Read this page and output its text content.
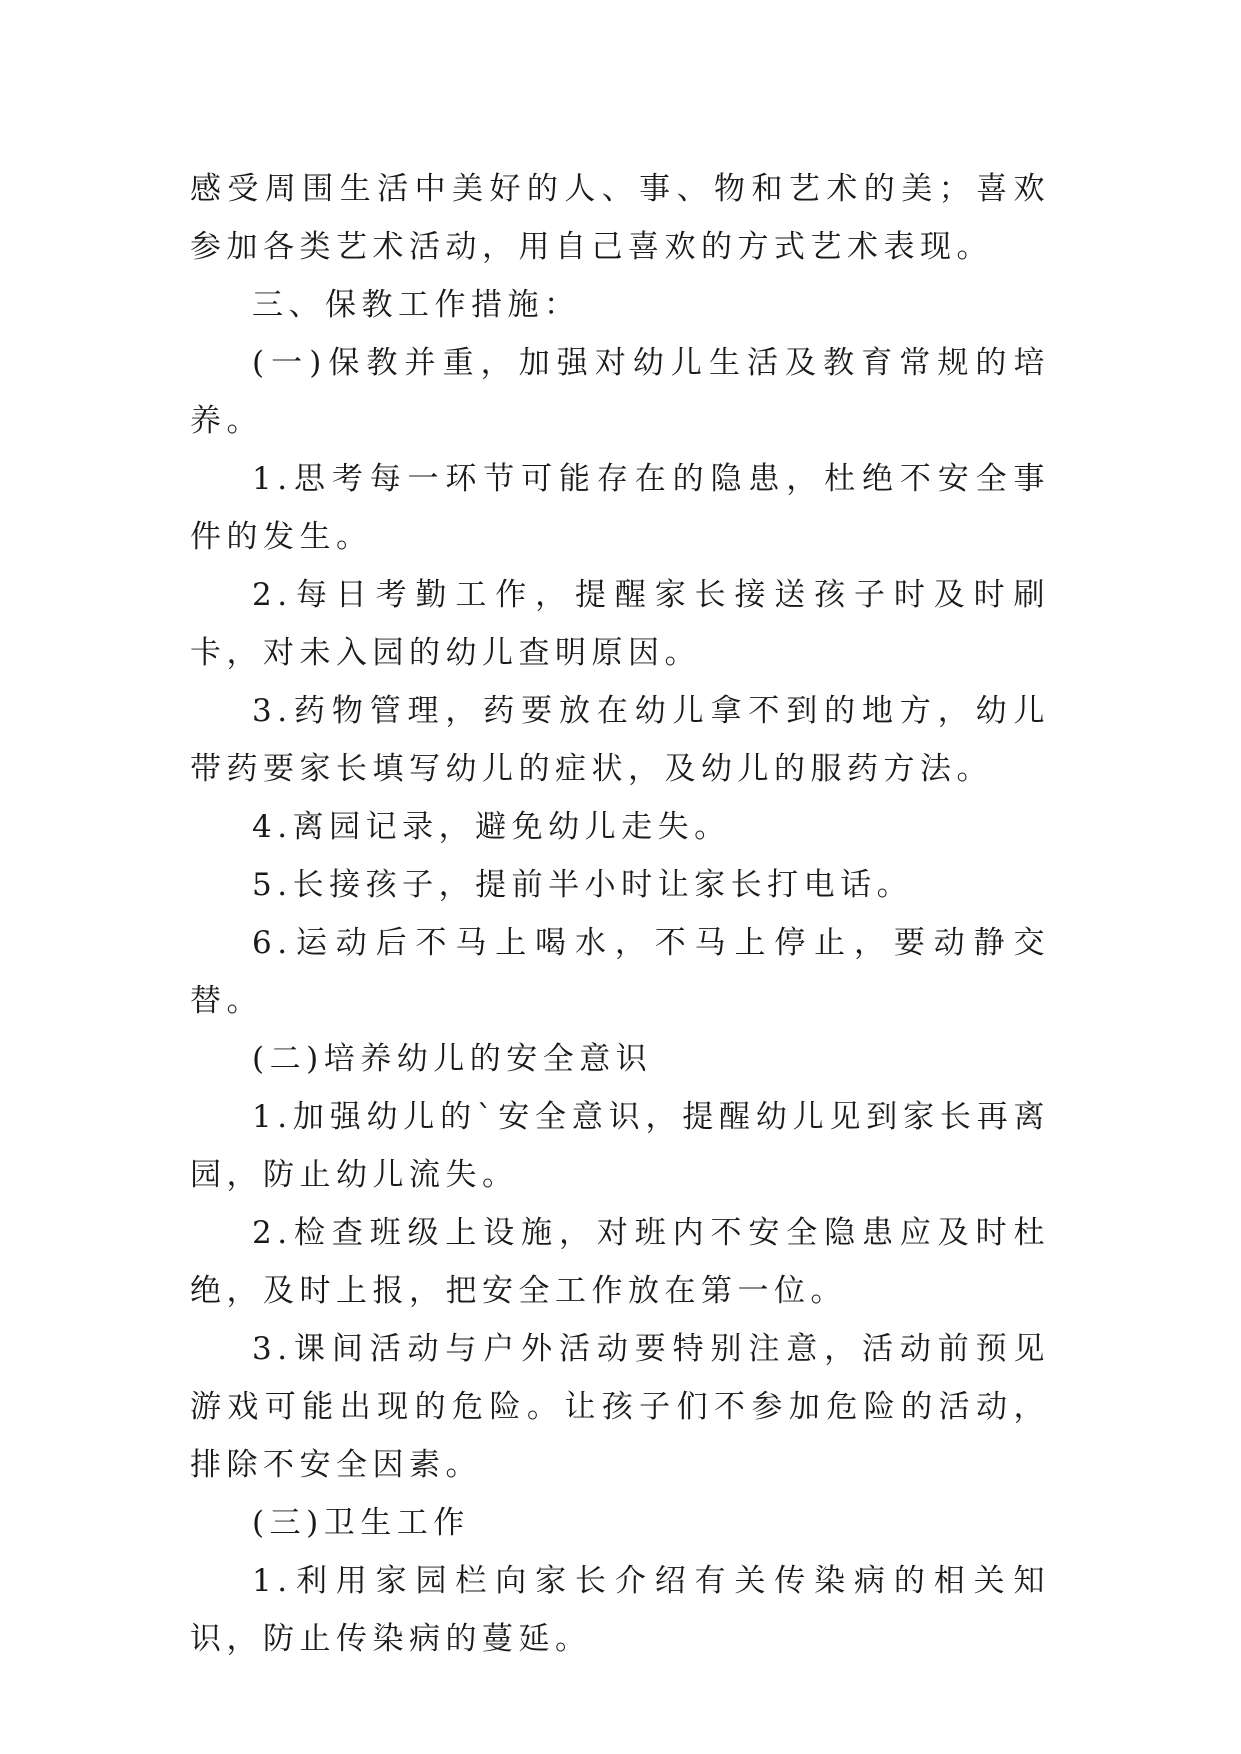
感受周围生活中美好的人、事、物和艺术的美；喜欢参加各类艺术活动，用自己喜欢的方式艺术表现。

三、保教工作措施：

(一)保教并重，加强对幼儿生活及教育常规的培养。

1.思考每一环节可能存在的隐患，杜绝不安全事件的发生。

2.每日考勤工作，提醒家长接送孩子时及时刷卡，对未入园的幼儿查明原因。

3.药物管理，药要放在幼儿拿不到的地方，幼儿带药要家长填写幼儿的症状，及幼儿的服药方法。

4.离园记录，避免幼儿走失。

5.长接孩子，提前半小时让家长打电话。

6.运动后不马上喝水，不马上停止，要动静交替。

(二)培养幼儿的安全意识

1.加强幼儿的`安全意识，提醒幼儿见到家长再离园，防止幼儿流失。

2.检查班级上设施，对班内不安全隐患应及时杜绝，及时上报，把安全工作放在第一位。

3.课间活动与户外活动要特别注意，活动前预见游戏可能出现的危险。让孩子们不参加危险的活动，排除不安全因素。

(三)卫生工作

1.利用家园栏向家长介绍有关传染病的相关知识，防止传染病的蔓延。
